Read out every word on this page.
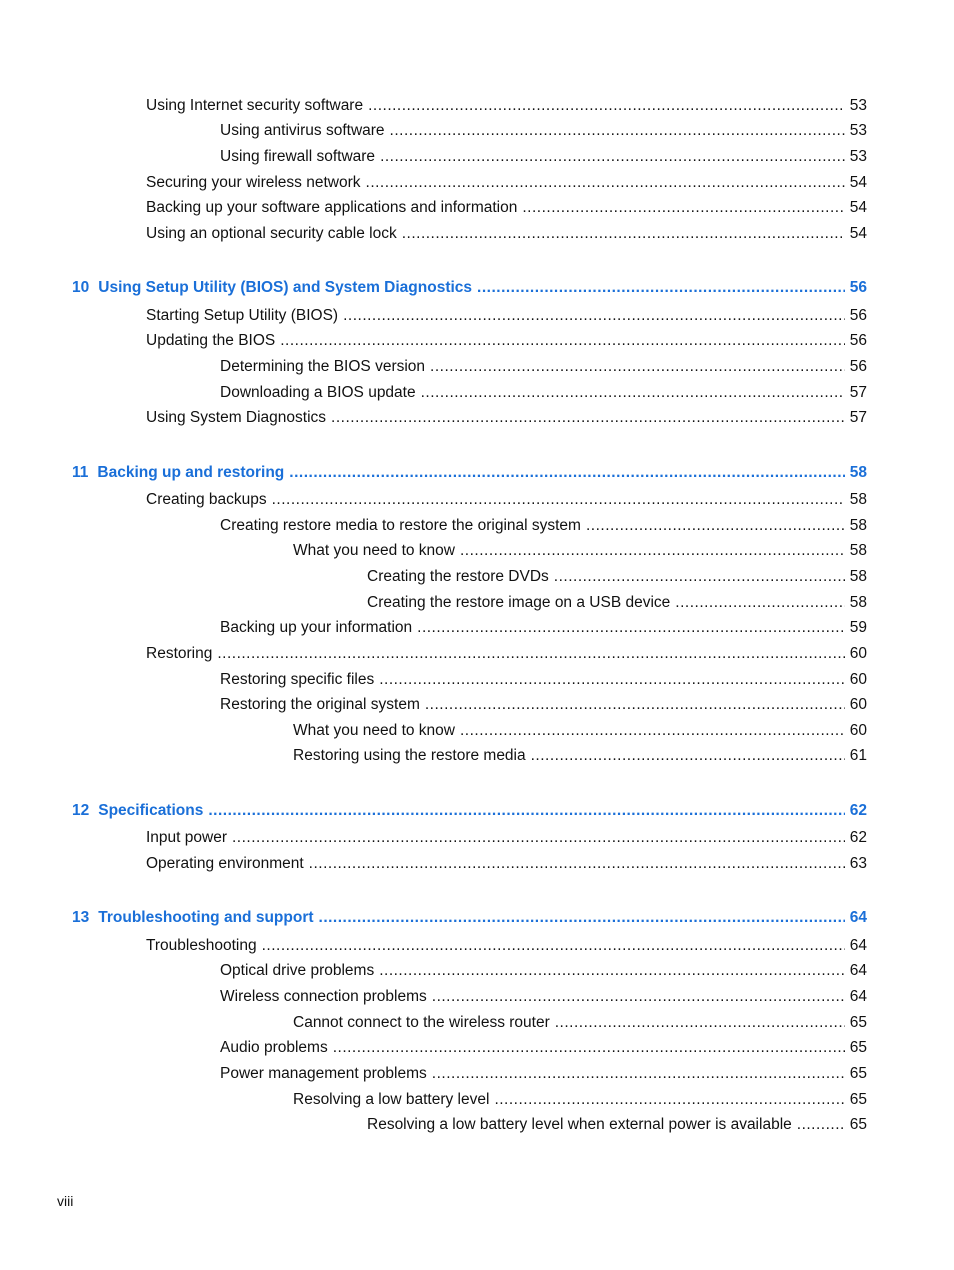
Using Internet security software .....	53
Using antivirus software .....	53
Using firewall software .....	53
Securing your wireless network .....	54
Backing up your software applications and information .....	54
Using an optional security cable lock .....	54
10 Using Setup Utility (BIOS) and System Diagnostics .....	56
Starting Setup Utility (BIOS) .....	56
Updating the BIOS .....	56
Determining the BIOS version .....	56
Downloading a BIOS update .....	57
Using System Diagnostics .....	57
11 Backing up and restoring .....	58
Creating backups .....	58
Creating restore media to restore the original system .....	58
What you need to know .....	58
Creating the restore DVDs .....	58
Creating the restore image on a USB device .....	58
Backing up your information .....	59
Restoring .....	60
Restoring specific files .....	60
Restoring the original system .....	60
What you need to know .....	60
Restoring using the restore media .....	61
12 Specifications .....	62
Input power .....	62
Operating environment .....	63
13 Troubleshooting and support .....	64
Troubleshooting .....	64
Optical drive problems .....	64
Wireless connection problems .....	64
Cannot connect to the wireless router .....	65
Audio problems .....	65
Power management problems .....	65
Resolving a low battery level .....	65
Resolving a low battery level when external power is available .....	65
viii
